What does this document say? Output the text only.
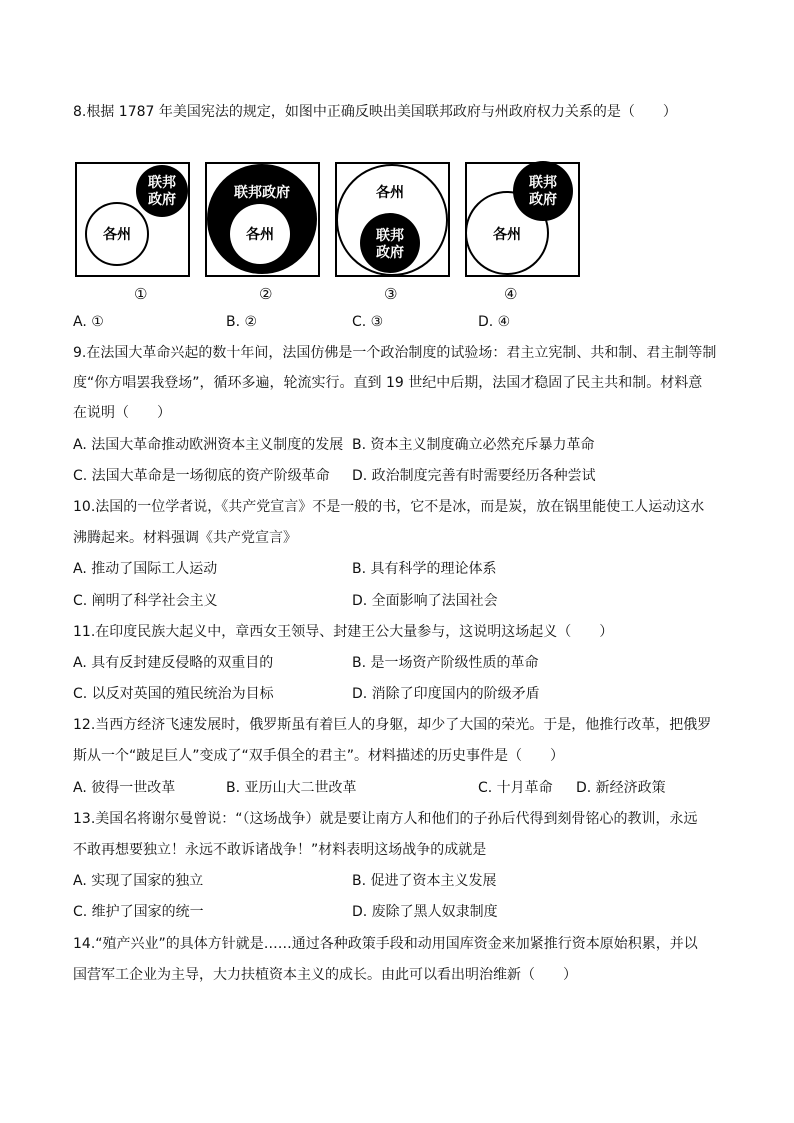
8.根据 1787 年美国宪法的规定，如图中正确反映出美国联邦政府与州政府权力关系的是（　　）
各州
联邦
政府	联邦政府
各州
各州
联邦
政府
各州
联邦
政府
①	②	③	④
A. ①	B. ②	C. ③	D. ④
9.在法国大革命兴起的数十年间，法国仿佛是一个政治制度的试验场：君主立宪制、共和制、君主制等制
度“你方唱罢我登场”，循环多遍，轮流实行。直到 19 世纪中后期，法国才稳固了民主共和制。材料意
在说明（　　）
A. 法国大革命推动欧洲资本主义制度的发展 B. 资本主义制度确立必然充斥暴力革命
C. 法国大革命是一场彻底的资产阶级革命 D. 政治制度完善有时需要经历各种尝试
10.法国的一位学者说，《共产党宣言》不是一般的书，它不是冰，而是炭，放在锅里能使工人运动这水
沸腾起来。材料强调《共产党宣言》
A. 推动了国际工人运动	B. 具有科学的理论体系
C. 阐明了科学社会主义	D. 全面影响了法国社会
11.在印度民族大起义中，章西女王领导、封建王公大量参与，这说明这场起义（　　）
A. 具有反封建反侵略的双重目的	B. 是一场资产阶级性质的革命
C. 以反对英国的殖民统治为目标	D. 消除了印度国内的阶级矛盾
12.当西方经济飞速发展时，俄罗斯虽有着巨人的身躯，却少了大国的荣光。于是，他推行改革，把俄罗
斯从一个“跛足巨人”变成了“双手俱全的君主”。材料描述的历史事件是（　　）
A. 彼得一世改革	B. 亚历山大二世改革	C. 十月革命 D. 新经济政策
13.美国名将谢尔曼曾说：“（这场战争）就是要让南方人和他们的子孙后代得到刻骨铭心的教训，永远
不敢再想要独立！永远不敢诉诸战争！”材料表明这场战争的成就是
A. 实现了国家的独立	B. 促进了资本主义发展
C. 维护了国家的统一	D. 废除了黑人奴隶制度
14.“殖产兴业”的具体方针就是……通过各种政策手段和动用国库资金来加紧推行资本原始积累，并以
国营军工企业为主导，大力扶植资本主义的成长。由此可以看出明治维新（　　）
